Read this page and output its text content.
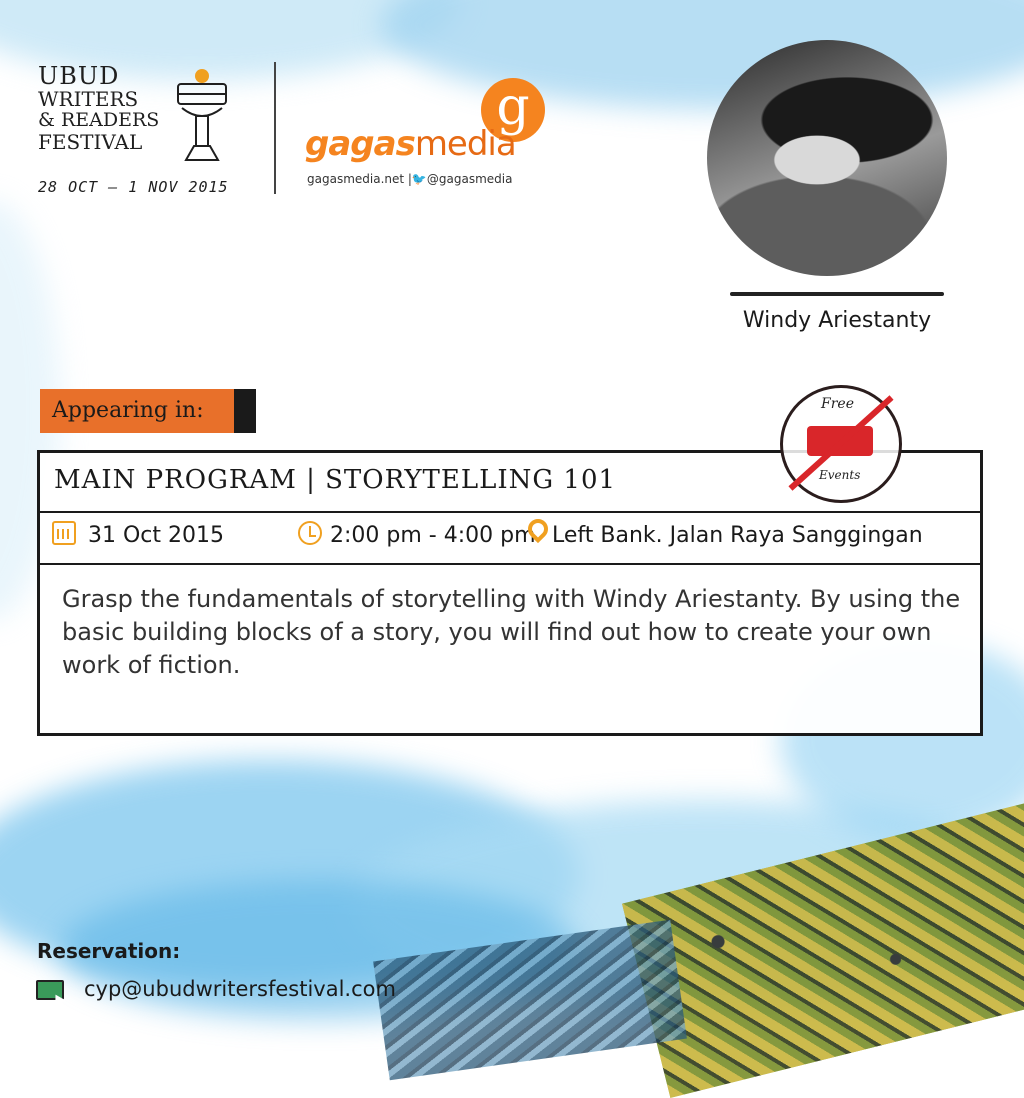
UBUD
WRITERS
& READERS
FESTIVAL
28 OCT — 1 NOV 2015
g
gagasmedia
gagasmedia.net |🐦@gagasmedia
Windy Ariestanty
Appearing in:
MAIN PROGRAM | STORYTELLING 101
31 Oct 2015	2:00 pm - 4:00 pm Left Bank. Jalan Raya Sanggingan
Grasp the fundamentals of storytelling with Windy Ariestanty. By using the basic building blocks of a story, you will find out how to create your own work of fiction.
Free
Events
Reservation:
cyp@ubudwritersfestival.com
